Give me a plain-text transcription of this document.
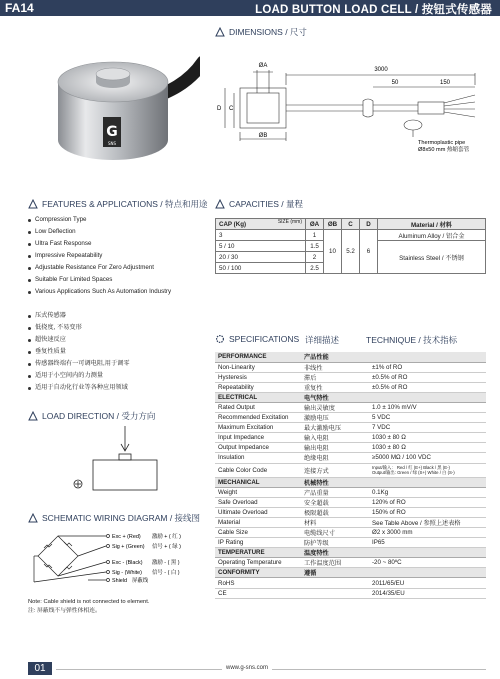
FA14	LOAD BUTTON LOAD CELL / 按钮式传感器
G
SNS
DIMENSIONS / 尺寸
ØA
3000
50	150
D C
ØB
Thermoplastic pipe
Ø8x50 mm 热缩套管
FEATURES & APPLICATIONS / 特点和用途
Compression Type
Low Deflection
Ultra Fast Response
Impressive Repeatability
Adjustable Resistance For Zero Adjustment
Suitable For Limited Spaces
Various Applications Such As Automation Industry
压式传感器
低挠度, 不易变形
超快速反应
垂复性质量
传感器终端有一可调电阻,用于调零
适用于小空间内的力测量
适用于自动化行业等各种应用领域
CAPACITIES / 量程
CAP (Kg) SIZE (mm)	ØA	ØB	C	D	Material / 材料
3	1	10	5.2	6	Aluminum Alloy / 铝合金
5 / 10	1.5				Stainless Steel / 不锈钢
20 / 30	2				
50 / 100	2.5				
SPECIFICATIONS 详细描述	TECHNIQUE / 技术指标
PERFORMANCE	产品性能	
Non-Linearity	非线性	±1% of RO
Hysteresis	滞后	±0.5% of RO
Repeatability	重复性	±0.5% of RO
ELECTRICAL	电气特性	
Rated Output	输出灵敏度	1.0 ± 10% mV/V
Recommended Excitation	激励电压	5 VDC
Maximum Excitation	最大激励电压	7 VDC
Input Impedance	输入电阻	1030 ± 80 Ω
Output Impedance	输出电阻	1030 ± 80 Ω
Insulation	绝缘电阻	≥5000 MΩ / 100 VDC
Cable Color Code	连接方式	Input/输入： Red / 红 (E+) Black / 黑 (E-)
Output/输出: Green / 绿 (S+) White / 白 (S-)

MECHANICAL	机械特性	
Weight	产品重量	0.1Kg
Safe Overload	安全超载	120% of RO
Ultimate Overload	极限超载	150% of RO
Material	材料	See Table Above / 参照上述表格
Cable Size	电缆线尺寸	Ø2 x 3000 mm
IP Rating	防护等级	IP65
TEMPERATURE	温度特性	
Operating Temperature	工作温度范围	-20 ~ 80ºC
CONFORMITY	遵循	
RoHS		2011/65/EU
CE		2014/35/EU
LOAD DIRECTION / 受力方向
SCHEMATIC WIRING DIAGRAM / 接线图
Exc + (Red)
Sig + (Green)
Exc - (Black)
Sig - (White)
Shield
激励 + ( 红 )
信号 + ( 绿 )
激励 - ( 黑 )
信号 - ( 白 )
屏蔽线
Note: Cable shield is not connected to element.
注: 屏蔽线不与弹性体相连。
01	www.g-sns.com
